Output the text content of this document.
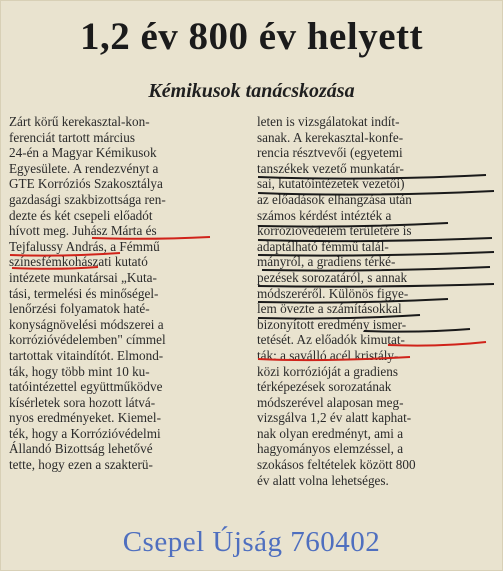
1,2 év 800 év helyett
Kémikusok tanácskozása
Zárt körű kerekasztal-kon-
ferenciát tartott március
24-én a Magyar Kémikusok
Egyesülete. A rendezvényt a
GTE Korróziós Szakosztálya
gazdasági szakbizottsága ren-
dezte és két csepeli előadót
hívott meg. Juhász Márta és
Tejfalussy András, a Fémmű
színesfémkohászati kutató
intézete munkatársai „Kuta-
tási, termelési és minőségel-
lenőrzési folyamatok haté-
konyságnövelési módszerei a
korrózióvédelemben" címmel
tartottak vitaindítót. Elmond-
ták, hogy több mint 10 ku-
tatóintézettel együttműködve
kísérletek sora hozott látvá-
nyos eredményeket. Kiemel-
ték, hogy a Korrózióvédelmi
Állandó Bizottság lehetővé
tette, hogy ezen a szakterü-
leten is vizsgálatokat indít-
sanak. A kerekasztal-konfe-
rencia résztvevői (egyetemi
tanszékek vezető munkatár-
sai, kutatóintézetek vezetői)
az előadások elhangzása után
számos kérdést intézték a
korrózióvédelem területére is
adaptálható fémmű talál-
mányról, a gradiens térké-
pezések sorozatáról, s annak
módszeréről. Különös figye-
lem övezte a számításokkal
bizonyított eredmény ismer-
tetését. Az előadók kimutat-
ták: a saválló acél kristály-
közi korrózióját a gradiens
térképezések sorozatának
módszerével alaposan meg-
vizsgálva 1,2 év alatt kaphat-
nak olyan eredményt, ami a
hagyományos elemzéssel, a
szokásos feltételek között 800
év alatt volna lehetséges.
Csepel Újság 760402
